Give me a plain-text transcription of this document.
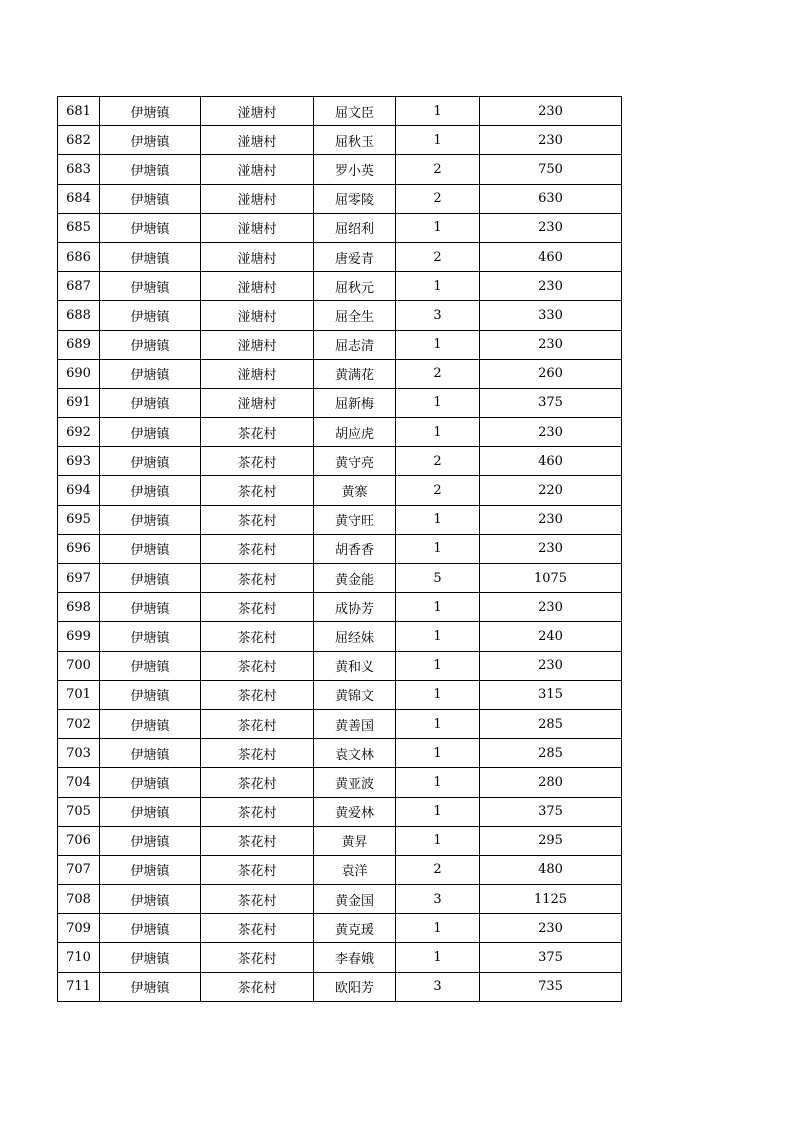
681	伊塘镇	湴塘村	屈文臣	1	230
682	伊塘镇	湴塘村	屈秋玉	1	230
683	伊塘镇	湴塘村	罗小英	2	750
684	伊塘镇	湴塘村	屈零陵	2	630
685	伊塘镇	湴塘村	屈绍利	1	230
686	伊塘镇	湴塘村	唐爱青	2	460
687	伊塘镇	湴塘村	屈秋元	1	230
688	伊塘镇	湴塘村	屈全生	3	330
689	伊塘镇	湴塘村	屈志清	1	230
690	伊塘镇	湴塘村	黄满花	2	260
691	伊塘镇	湴塘村	屈新梅	1	375
692	伊塘镇	茶花村	胡应虎	1	230
693	伊塘镇	茶花村	黄守亮	2	460
694	伊塘镇	茶花村	黄寨	2	220
695	伊塘镇	茶花村	黄守旺	1	230
696	伊塘镇	茶花村	胡香香	1	230
697	伊塘镇	茶花村	黄金能	5	1075
698	伊塘镇	茶花村	成协芳	1	230
699	伊塘镇	茶花村	屈经妹	1	240
700	伊塘镇	茶花村	黄和义	1	230
701	伊塘镇	茶花村	黄锦文	1	315
702	伊塘镇	茶花村	黄善国	1	285
703	伊塘镇	茶花村	袁文林	1	285
704	伊塘镇	茶花村	黄亚波	1	280
705	伊塘镇	茶花村	黄爱林	1	375
706	伊塘镇	茶花村	黄昇	1	295
707	伊塘镇	茶花村	袁洋	2	480
708	伊塘镇	茶花村	黄金国	3	1125
709	伊塘镇	茶花村	黄克瑗	1	230
710	伊塘镇	茶花村	李春娥	1	375
711	伊塘镇	茶花村	欧阳芳	3	735
